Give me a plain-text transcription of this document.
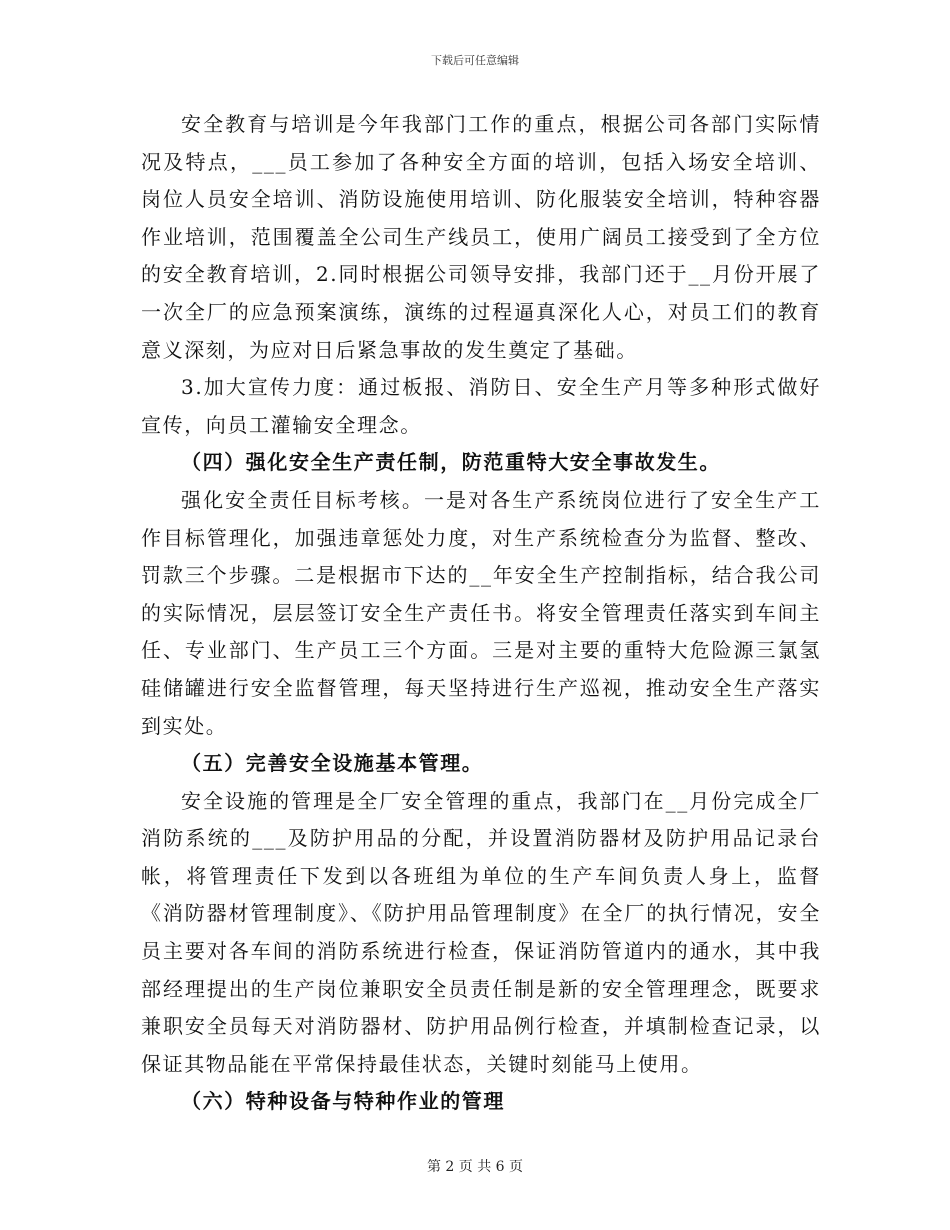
下载后可任意编辑

安全教育与培训是今年我部门工作的重点，根据公司各部门实际情况及特点，___员工参加了各种安全方面的培训，包括入场安全培训、岗位人员安全培训、消防设施使用培训、防化服装安全培训，特种容器作业培训，范围覆盖全公司生产线员工，使用广阔员工接受到了全方位的安全教育培训，2.同时根据公司领导安排，我部门还于__月份开展了一次全厂的应急预案演练，演练的过程逼真深化人心，对员工们的教育意义深刻，为应对日后紧急事故的发生奠定了基础。

3.加大宣传力度：通过板报、消防日、安全生产月等多种形式做好宣传，向员工灌输安全理念。

（四）强化安全生产责任制，防范重特大安全事故发生。

强化安全责任目标考核。一是对各生产系统岗位进行了安全生产工作目标管理化，加强违章惩处力度，对生产系统检查分为监督、整改、罚款三个步骤。二是根据市下达的__年安全生产控制指标，结合我公司的实际情况，层层签订安全生产责任书。将安全管理责任落实到车间主任、专业部门、生产员工三个方面。三是对主要的重特大危险源三氯氢硅储罐进行安全监督管理，每天坚持进行生产巡视，推动安全生产落实到实处。

（五）完善安全设施基本管理。

安全设施的管理是全厂安全管理的重点，我部门在__月份完成全厂消防系统的___及防护用品的分配，并设置消防器材及防护用品记录台帐，将管理责任下发到以各班组为单位的生产车间负责人身上，监督《消防器材管理制度》、《防护用品管理制度》在全厂的执行情况，安全员主要对各车间的消防系统进行检查，保证消防管道内的通水，其中我部经理提出的生产岗位兼职安全员责任制是新的安全管理理念，既要求兼职安全员每天对消防器材、防护用品例行检查，并填制检查记录，以保证其物品能在平常保持最佳状态，关键时刻能马上使用。

（六）特种设备与特种作业的管理

第 2 页 共 6 页
